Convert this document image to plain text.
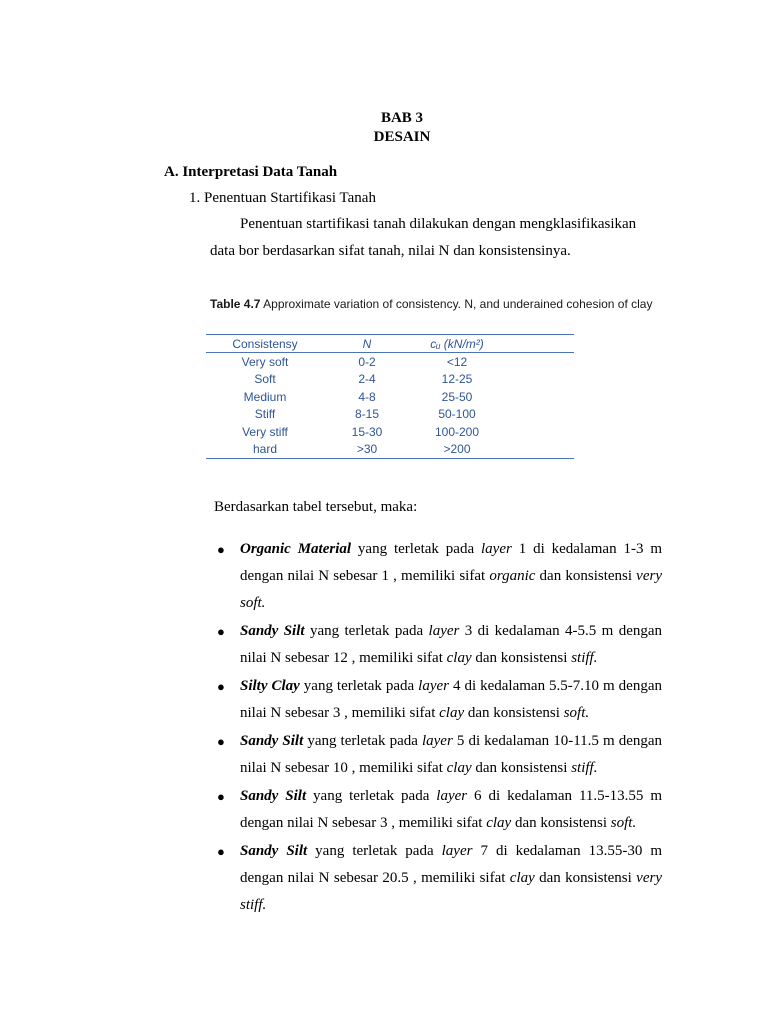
BAB 3
DESAIN
A. Interpretasi Data Tanah
1. Penentuan Startifikasi Tanah
Penentuan startifikasi tanah dilakukan dengan mengklasifikasikan
data bor berdasarkan sifat tanah, nilai N dan konsistensinya.
Table 4.7 Approximate variation of consistency. N, and underained cohesion of clay
Consistensy	N	cᵤ (kN/m²)	
Very soft	0-2	<12	
Soft	2-4	12-25	
Medium	4-8	25-50	
Stiff	8-15	50-100	
Very stiff	15-30	100-200	
hard	>30	>200	
Berdasarkan tabel tersebut, maka:
● Organic Material yang terletak pada layer 1 di kedalaman 1-3 m dengan nilai N sebesar 1 , memiliki sifat organic dan konsistensi very soft.
● Sandy Silt yang terletak pada layer 3 di kedalaman 4-5.5 m dengan nilai N sebesar 12 , memiliki sifat clay dan konsistensi stiff.
● Silty Clay yang terletak pada layer 4 di kedalaman 5.5-7.10 m dengan nilai N sebesar 3 , memiliki sifat clay dan konsistensi soft.
● Sandy Silt yang terletak pada layer 5 di kedalaman 10-11.5 m dengan nilai N sebesar 10 , memiliki sifat clay dan konsistensi stiff.
● Sandy Silt yang terletak pada layer 6 di kedalaman 11.5-13.55 m dengan nilai N sebesar 3 , memiliki sifat clay dan konsistensi soft.
● Sandy Silt yang terletak pada layer 7 di kedalaman 13.55-30 m dengan nilai N sebesar 20.5 , memiliki sifat clay dan konsistensi very stiff.
